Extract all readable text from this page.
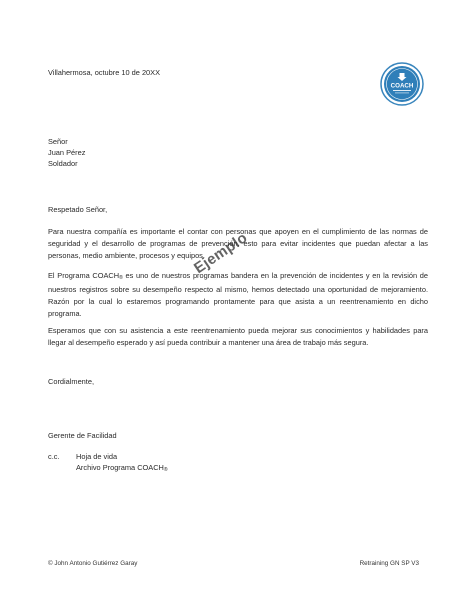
Villahermosa, octubre 10 de 20XX
COACH
Señor
Juan Pérez
Soldador
Respetado Señor,

Para nuestra compañía es importante el contar con personas que apoyen en el cumplimiento de las normas de seguridad y el desarrollo de programas de prevención, esto para evitar incidentes que puedan afectar a las personas, medio ambiente, procesos y equipos.

El Programa $COACH_®$ es uno de nuestros programas bandera en la prevención de incidentes y en la revisión de nuestros registros sobre su desempeño respecto al mismo, hemos detectado una oportunidad de mejoramiento. Razón por la cual lo estaremos programando prontamente para que asista a un reentrenamiento en dicho programa.

Ejemplo

Esperamos que con su asistencia a este reentrenamiento pueda mejorar sus conocimientos y habilidades para llegar al desempeño esperado y así pueda contribuir a mantener una área de trabajo más segura.

Cordialmente,
Gerente de Facilidad
c.c. Hoja de vida
Archivo Programa $COACH_®$
© John Antonio Gutiérrez Garay	Retraining GN SP V3
